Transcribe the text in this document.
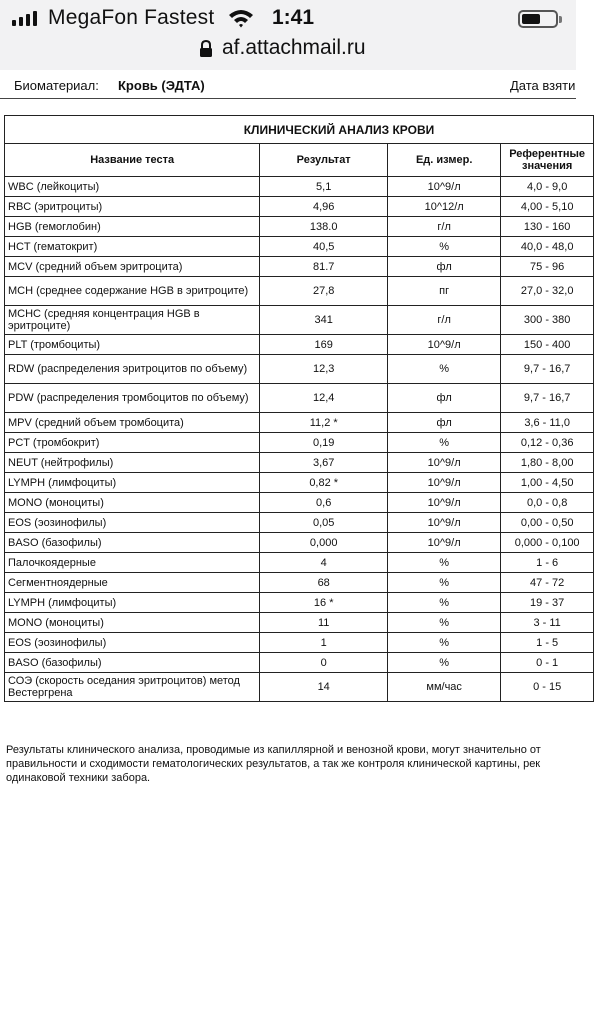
MegaFon Fastest	1:41
af.attachmail.ru
Биоматериал: Кровь (ЭДТА)	Дата взяти
КЛИНИЧЕСКИЙ АНАЛИЗ КРОВИ			
Название теста	Результат	Ед. измер.	Референтные значения
WBC (лейкоциты)	5,1	10^9/л	4,0 - 9,0
RBC (эритроциты)	4,96	10^12/л	4,00 - 5,10
HGB (гемоглобин)	138.0	г/л	130 - 160
HCT (гематокрит)	40,5	%	40,0 - 48,0
MCV (средний объем эритроцита)	81.7	фл	75 - 96
MCH (среднее содержание HGB в эритроците)	27,8	пг	27,0 - 32,0
MCHC (средняя концентрация HGB в эритроците)	341	г/л	300 - 380
PLT (тромбоциты)	169	10^9/л	150 - 400
RDW (распределения эритроцитов по объему)	12,3	%	9,7 - 16,7
PDW (распределения тромбоцитов по объему)	12,4	фл	9,7 - 16,7
MPV (средний объем тромбоцита)	11,2 *	фл	3,6 - 11,0
PCT (тромбокрит)	0,19	%	0,12 - 0,36
NEUT (нейтрофилы)	3,67	10^9/л	1,80 - 8,00
LYMPH (лимфоциты)	0,82 *	10^9/л	1,00 - 4,50
MONO (моноциты)	0,6	10^9/л	0,0 - 0,8
EOS (эозинофилы)	0,05	10^9/л	0,00 - 0,50
BASO (базофилы)	0,000	10^9/л	0,000 - 0,100
Палочкоядерные	4	%	1 - 6
Сегментноядерные	68	%	47 - 72
LYMPH (лимфоциты)	16 *	%	19 - 37
MONO (моноциты)	11	%	3 - 11
EOS (эозинофилы)	1	%	1 - 5
BASO (базофилы)	0	%	0 - 1
СОЭ (скорость оседания эритроцитов) метод Вестергрена	14	мм/час	0 - 15
Результаты клинического анализа, проводимые из капиллярной и венозной крови, могут значительно от
правильности и сходимости гематологических результатов, а так же контроля клинической картины, рек
одинаковой техники забора.
